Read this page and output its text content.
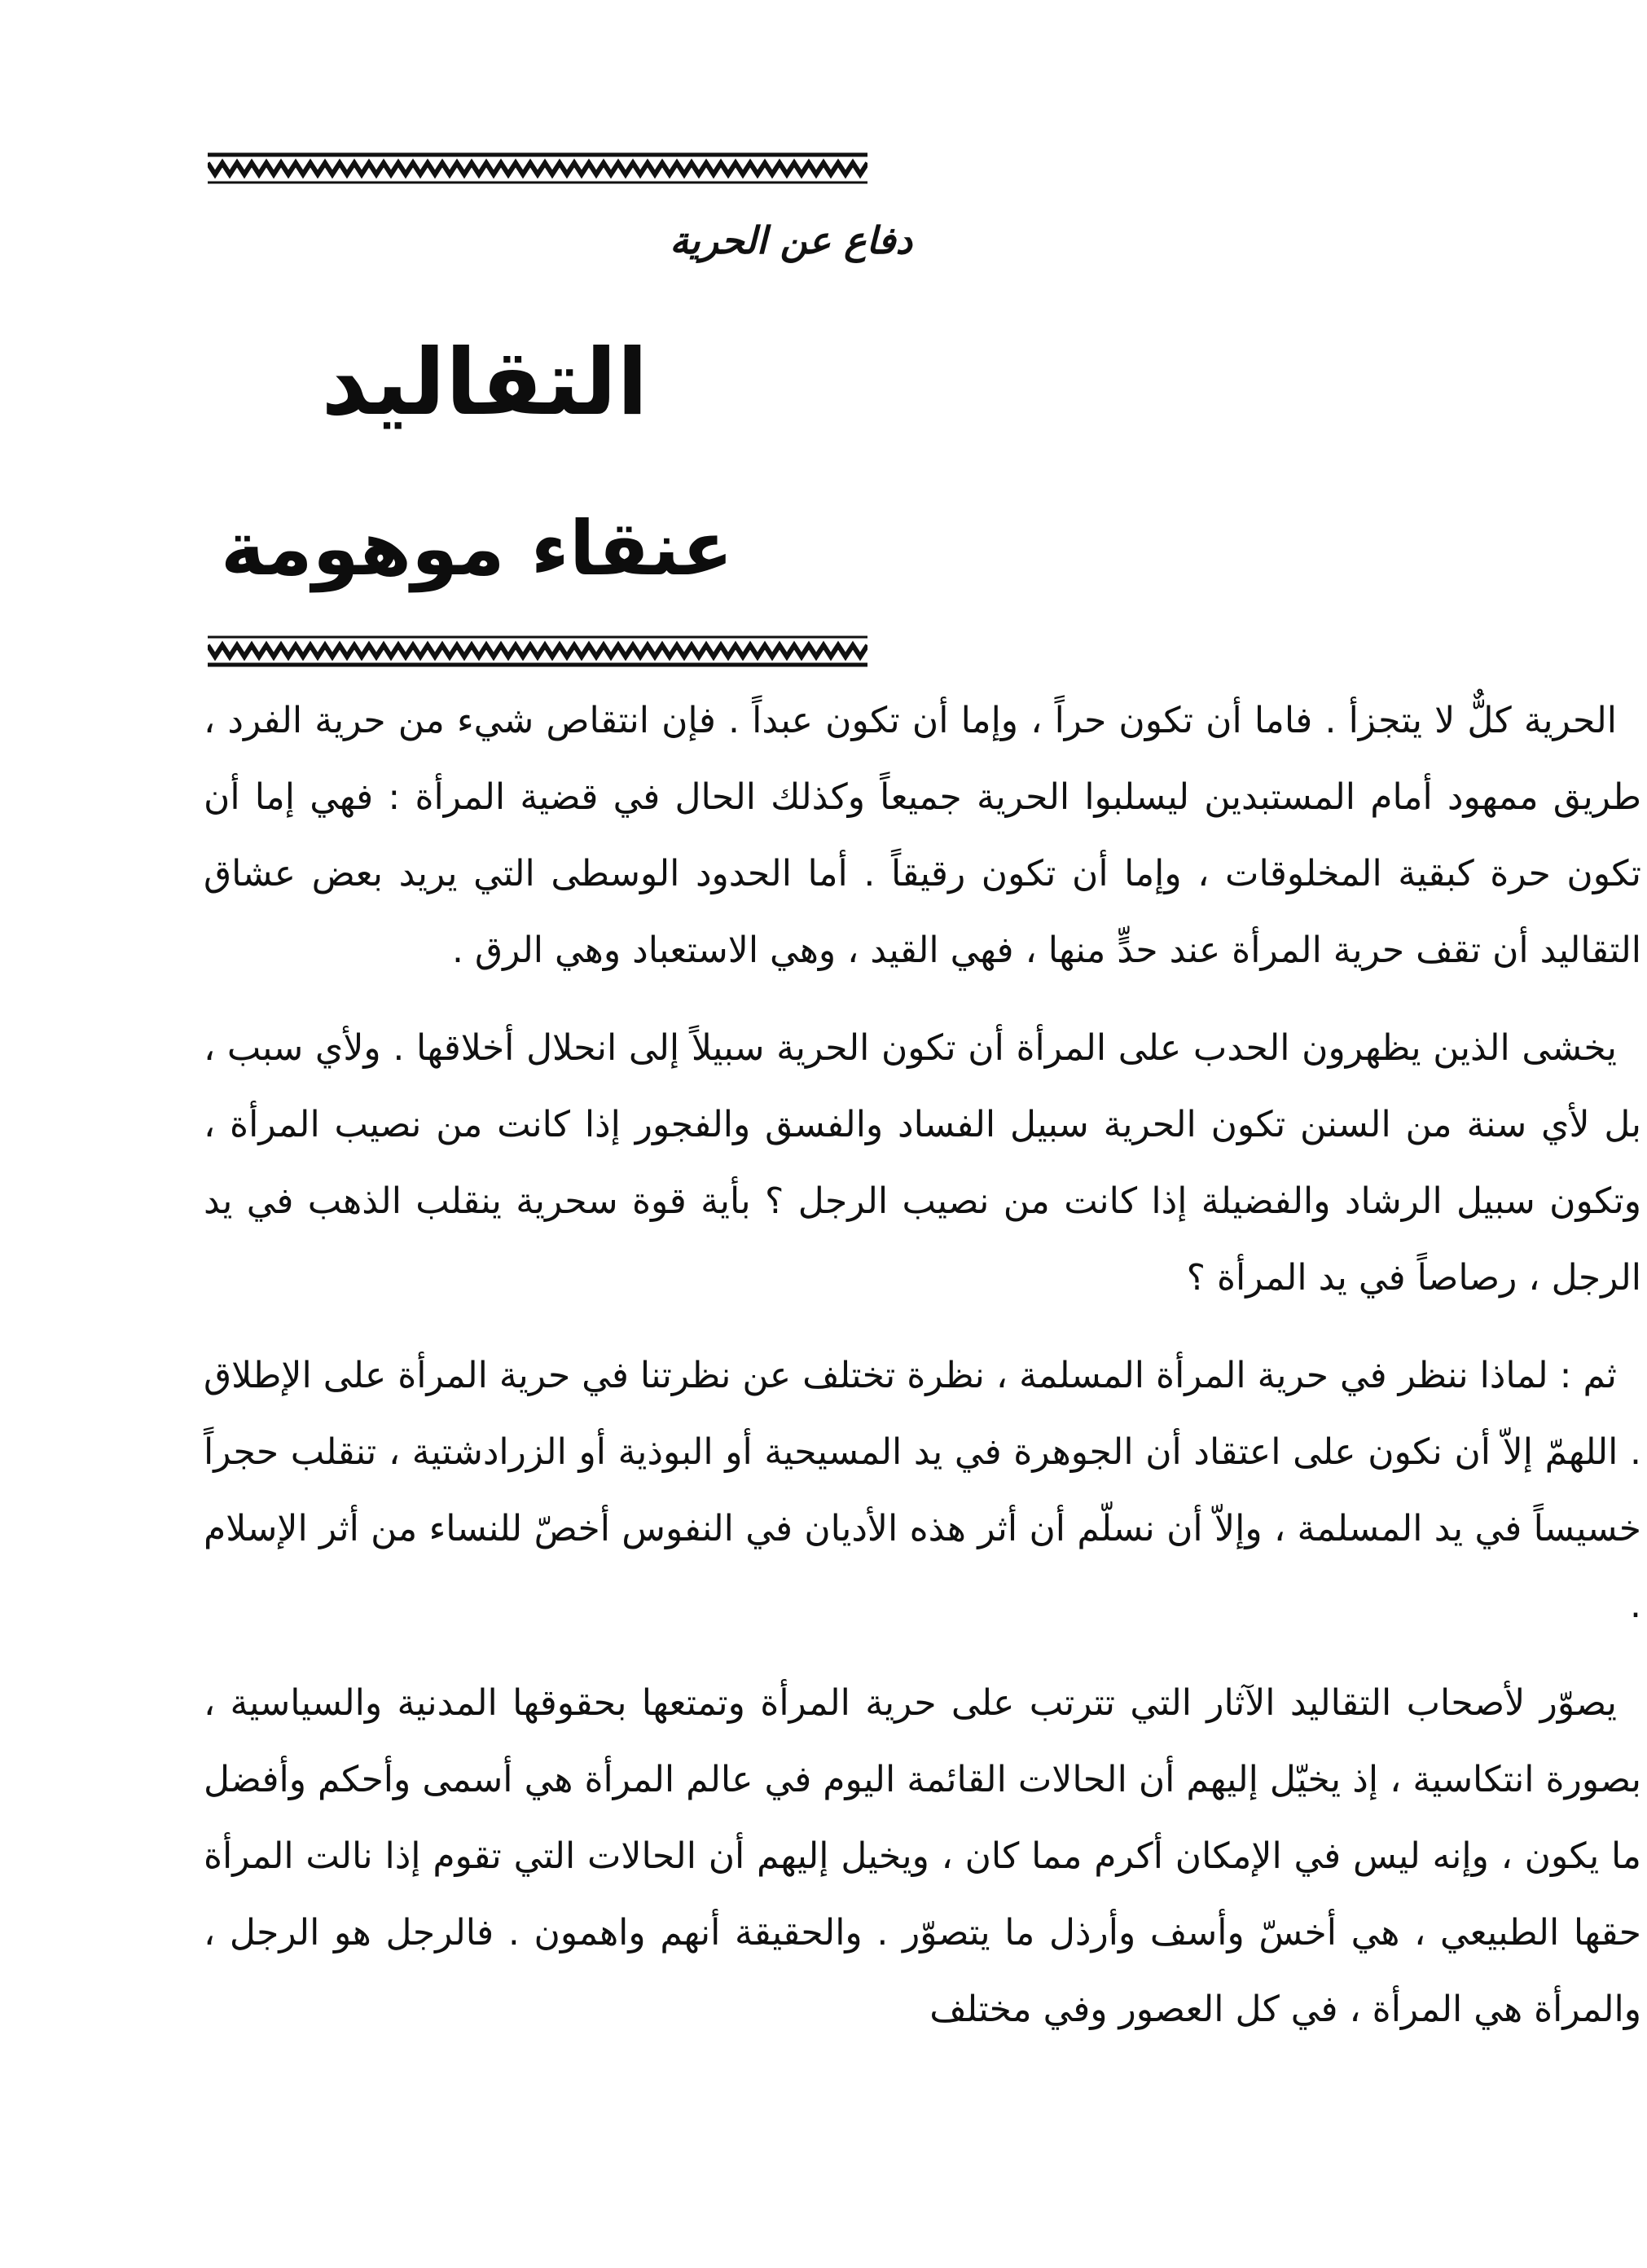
دفاع عن الحرية
التقاليد
عنقاء موهومة

الحرية كلٌّ لا يتجزأ . فاما أن تكون حراً ، وإما أن تكون عبداً . فإن انتقاص شيء من حرية الفرد ، طريق ممهود أمام المستبدين ليسلبوا الحرية جميعاً وكذلك الحال في قضية المرأة : فهي إما أن تكون حرة كبقية المخلوقات ، وإما أن تكون رقيقاً . أما الحدود الوسطى التي يريد بعض عشاق التقاليد أن تقف حرية المرأة عند حدٍّ منها ، فهي القيد ، وهي الاستعباد وهي الرق .

يخشى الذين يظهرون الحدب على المرأة أن تكون الحرية سبيلاً إلى انحلال أخلاقها . ولأي سبب ، بل لأي سنة من السنن تكون الحرية سبيل الفساد والفسق والفجور إذا كانت من نصيب المرأة ، وتكون سبيل الرشاد والفضيلة إذا كانت من نصيب الرجل ؟ بأية قوة سحرية ينقلب الذهب في يد الرجل ، رصاصاً في يد المرأة ؟

ثم : لماذا ننظر في حرية المرأة المسلمة ، نظرة تختلف عن نظرتنا في حرية المرأة على الإطلاق . اللهمّ إلاّ أن نكون على اعتقاد أن الجوهرة في يد المسيحية أو البوذية أو الزرادشتية ، تنقلب حجراً خسيساً في يد المسلمة ، وإلاّ أن نسلّم أن أثر هذه الأديان في النفوس أخصّ للنساء من أثر الإسلام .

يصوّر لأصحاب التقاليد الآثار التي تترتب على حرية المرأة وتمتعها بحقوقها المدنية والسياسية ، بصورة انتكاسية ، إذ يخيّل إليهم أن الحالات القائمة اليوم في عالم المرأة هي أسمى وأحكم وأفضل ما يكون ، وإنه ليس في الإمكان أكرم مما كان ، ويخيل إليهم أن الحالات التي تقوم إذا نالت المرأة حقها الطبيعي ، هي أخسّ وأسف وأرذل ما يتصوّر . والحقيقة أنهم واهمون . فالرجل هو الرجل ، والمرأة هي المرأة ، في كل العصور وفي مختلف
